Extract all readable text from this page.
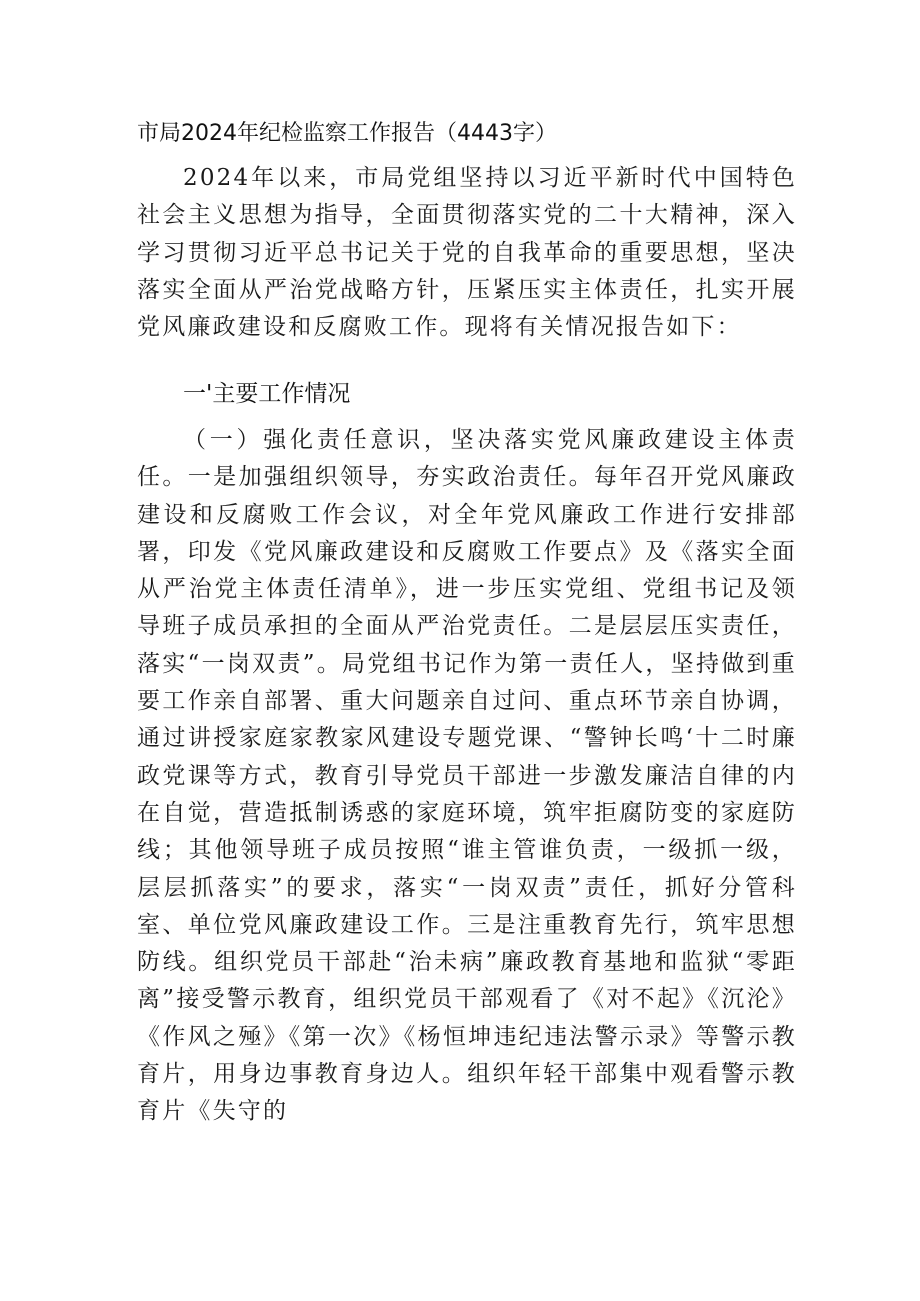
市局2024年纪检监察工作报告（4443字）

2024年以来，市局党组坚持以习近平新时代中国特色社会主义思想为指导，全面贯彻落实党的二十大精神，深入学习贯彻习近平总书记关于党的自我革命的重要思想，坚决落实全面从严治党战略方针，压紧压实主体责任，扎实开展党风廉政建设和反腐败工作。现将有关情况报告如下：

一'主要工作情况

（一）强化责任意识，坚决落实党风廉政建设主体责任。一是加强组织领导，夯实政治责任。每年召开党风廉政建设和反腐败工作会议，对全年党风廉政工作进行安排部署，印发《党风廉政建设和反腐败工作要点》及《落实全面从严治党主体责任清单》，进一步压实党组、党组书记及领导班子成员承担的全面从严治党责任。二是层层压实责任，落实“一岗双责”。局党组书记作为第一责任人，坚持做到重要工作亲自部署、重大问题亲自过问、重点环节亲自协调，通过讲授家庭家教家风建设专题党课、“警钟长鸣‘十二时廉政党课等方式，教育引导党员干部进一步激发廉洁自律的内在自觉，营造抵制诱惑的家庭环境，筑牢拒腐防变的家庭防线；其他领导班子成员按照“谁主管谁负责，一级抓一级，层层抓落实”的要求，落实“一岗双责”责任，抓好分管科室、单位党风廉政建设工作。三是注重教育先行，筑牢思想防线。组织党员干部赴“治未病”廉政教育基地和监狱“零距离”接受警示教育，组织党员干部观看了《对不起》《沉沦》《作风之殛》《第一次》《杨恒坤违纪违法警示录》等警示教育片，用身边事教育身边人。组织年轻干部集中观看警示教育片《失守的
